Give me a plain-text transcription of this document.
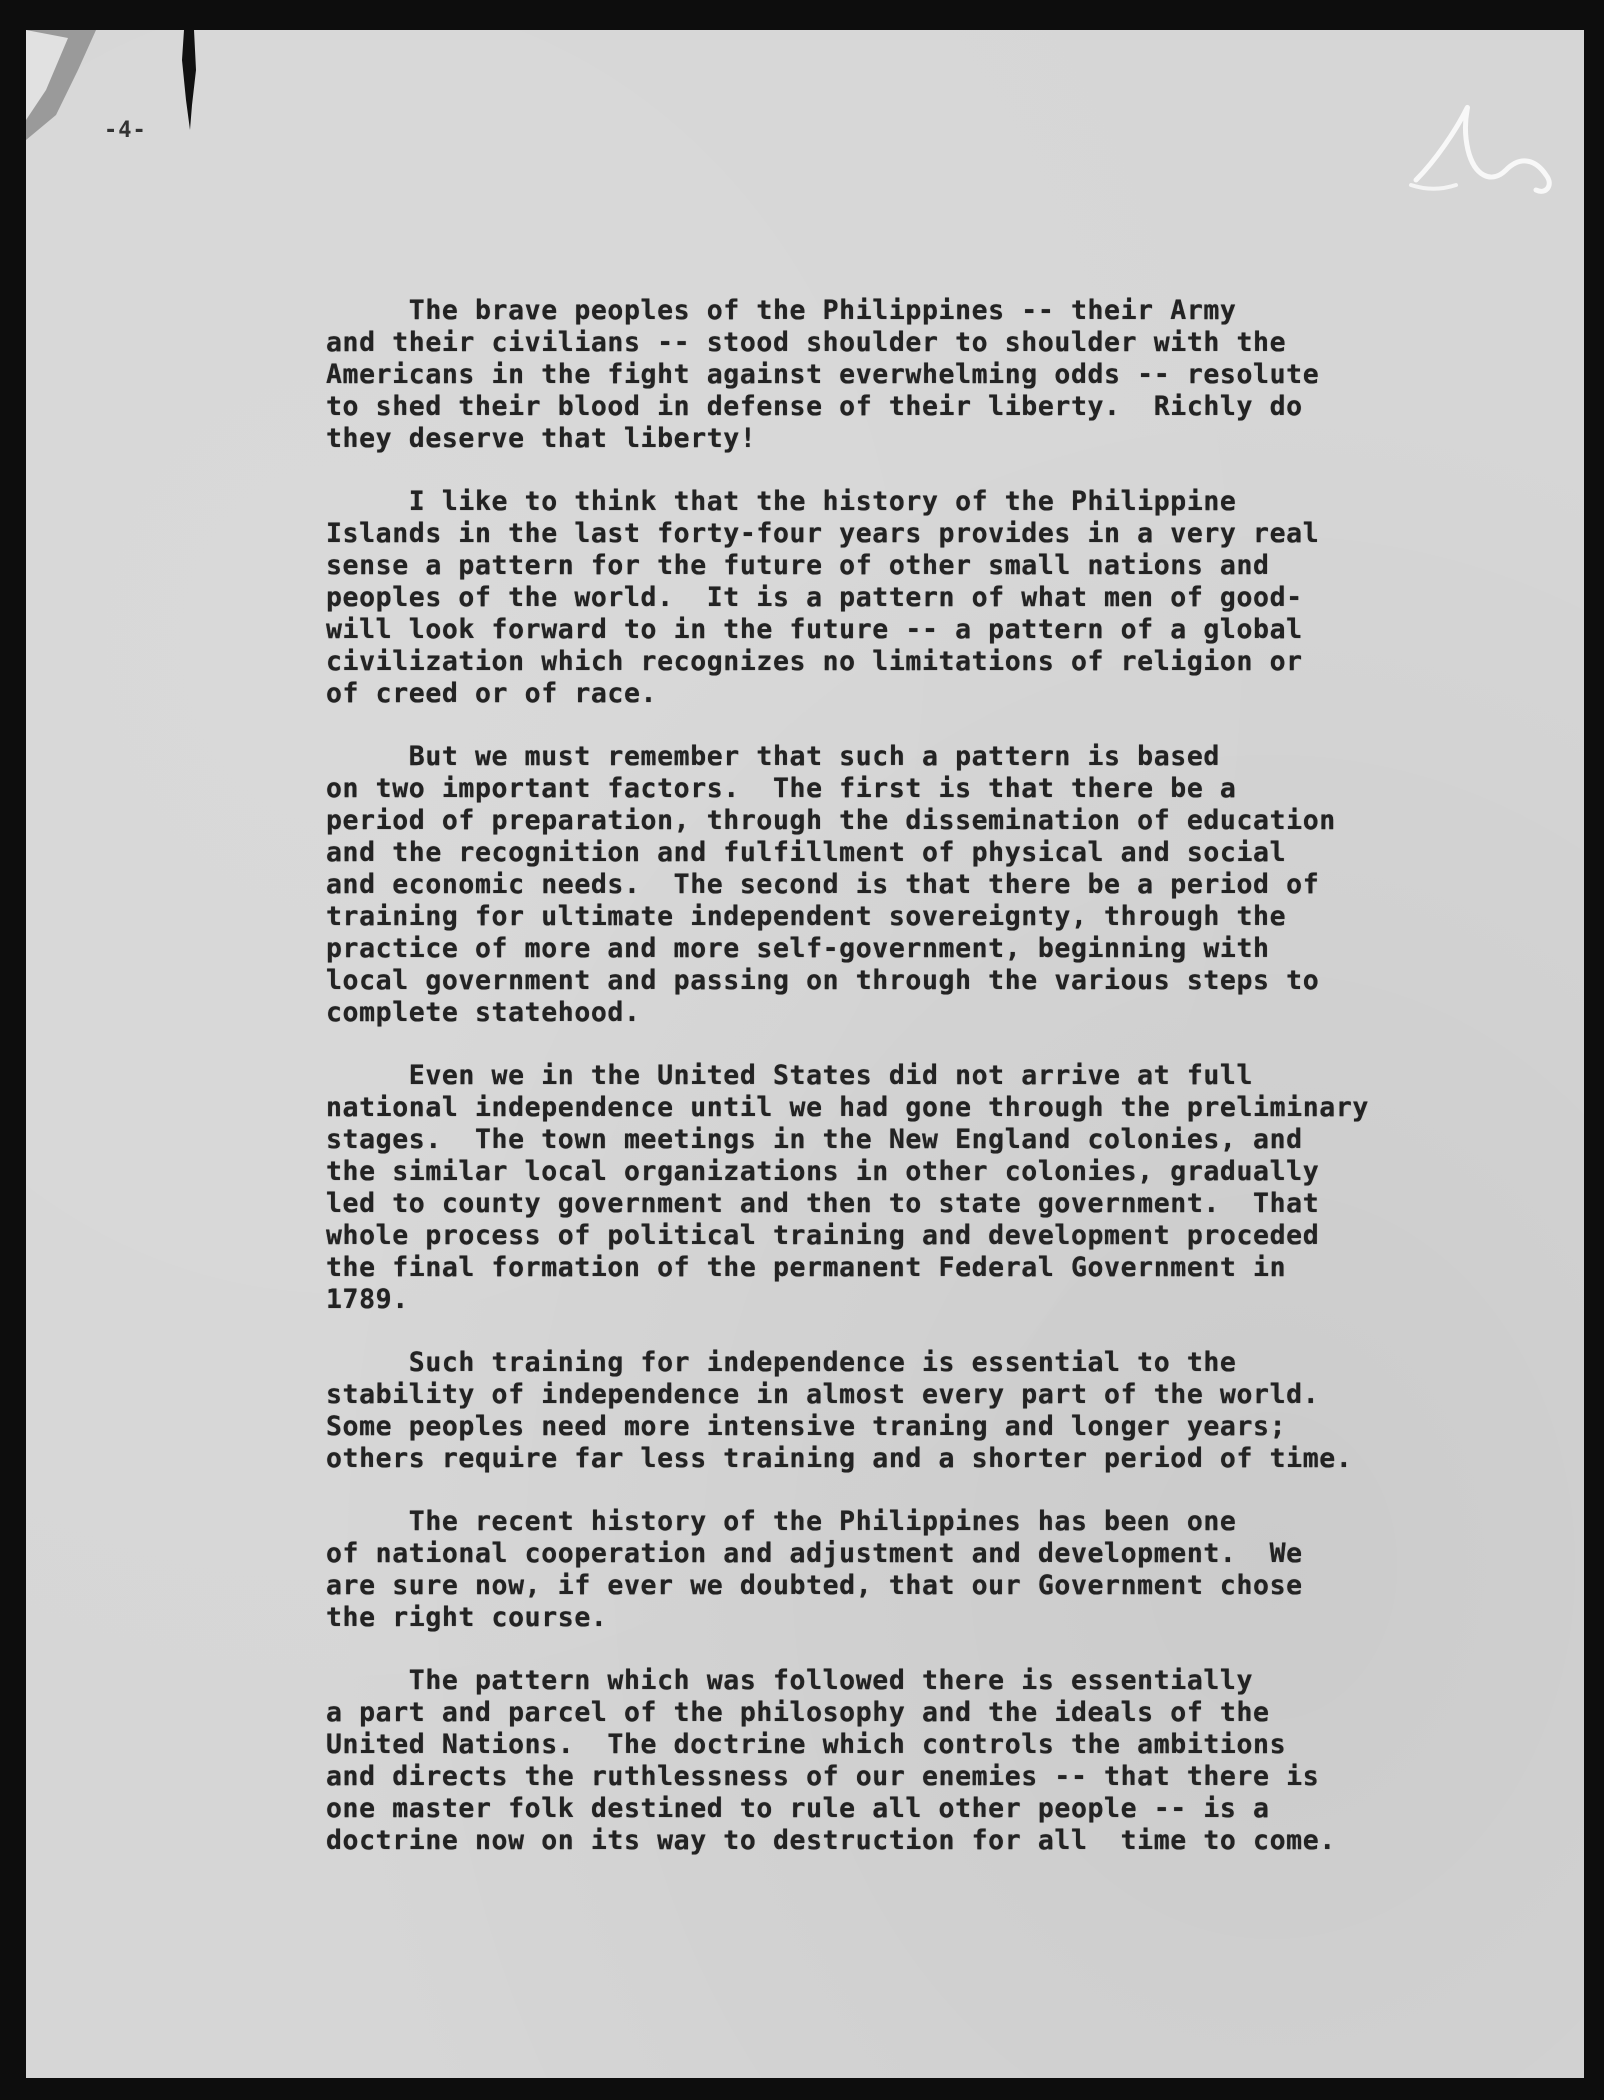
-4-
The brave peoples of the Philippines -- their Army
and their civilians -- stood shoulder to shoulder with the
Americans in the fight against everwhelming odds -- resolute
to shed their blood in defense of their liberty.  Richly do
they deserve that liberty!
I like to think that the history of the Philippine
Islands in the last forty-four years provides in a very real
sense a pattern for the future of other small nations and
peoples of the world.  It is a pattern of what men of good-
will look forward to in the future -- a pattern of a global
civilization which recognizes no limitations of religion or
of creed or of race.
But we must remember that such a pattern is based
on two important factors.  The first is that there be a
period of preparation, through the dissemination of education
and the recognition and fulfillment of physical and social
and economic needs.  The second is that there be a period of
training for ultimate independent sovereignty, through the
practice of more and more self-government, beginning with
local government and passing on through the various steps to
complete statehood.
Even we in the United States did not arrive at full
national independence until we had gone through the preliminary
stages.  The town meetings in the New England colonies, and
the similar local organizations in other colonies, gradually
led to county government and then to state government.  That
whole process of political training and development proceded
the final formation of the permanent Federal Government in
1789.
Such training for independence is essential to the
stability of independence in almost every part of the world.
Some peoples need more intensive traning and longer years;
others require far less training and a shorter period of time.
The recent history of the Philippines has been one
of national cooperation and adjustment and development.  We
are sure now, if ever we doubted, that our Government chose
the right course.
The pattern which was followed there is essentially
a part and parcel of the philosophy and the ideals of the
United Nations.  The doctrine which controls the ambitions
and directs the ruthlessness of our enemies -- that there is
one master folk destined to rule all other people -- is a
doctrine now on its way to destruction for all  time to come.
